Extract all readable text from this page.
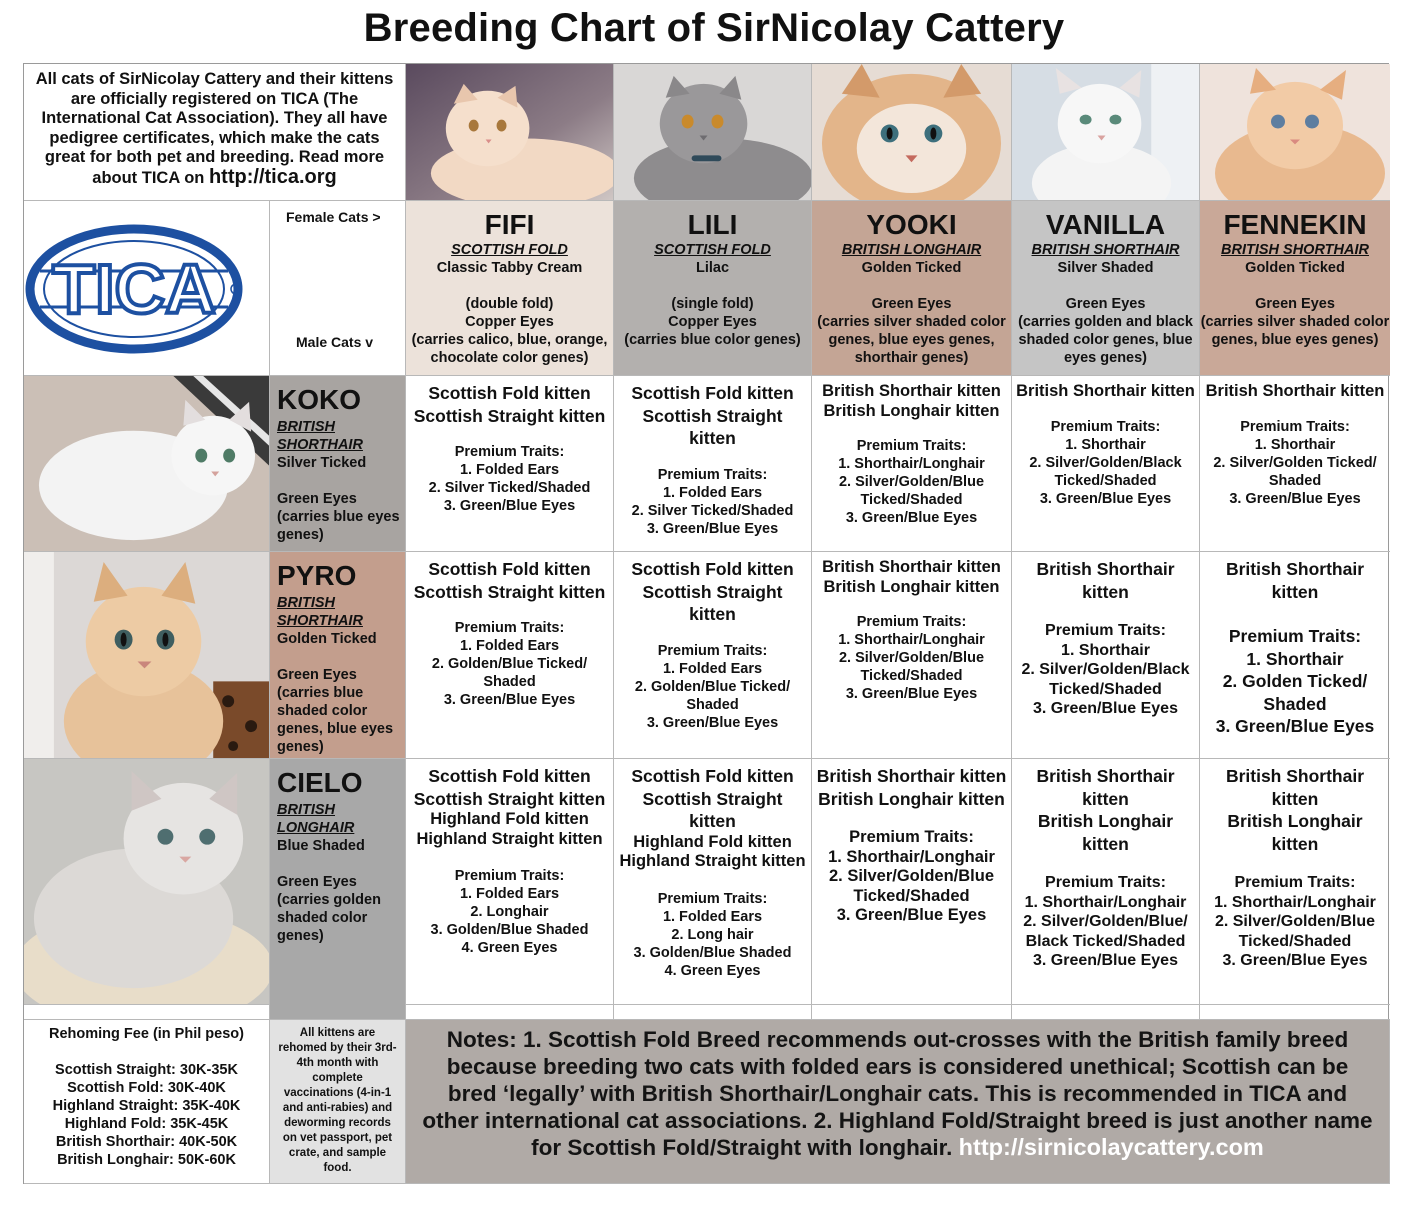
Breeding Chart of SirNicolay Cattery
All cats of SirNicolay Cattery and their kittens are officially registered on TICA (The International Cat Association). They all have pedigree certificates, which make the cats great for both pet and breeding. Read more about TICA on http://tica.org
TICA
Female Cats >
Male Cats v
FIFI
SCOTTISH FOLD
Classic Tabby Cream
(double fold)
Copper Eyes
(carries calico, blue, orange, chocolate color genes)
LILI
SCOTTISH FOLD
Lilac
(single fold)
Copper Eyes
(carries blue color genes)
YOOKI
BRITISH LONGHAIR
Golden Ticked
Green Eyes
(carries silver shaded color genes, blue eyes genes, shorthair genes)
VANILLA
BRITISH SHORTHAIR
Silver Shaded
Green Eyes
(carries golden and black shaded color genes, blue eyes genes)
FENNEKIN
BRITISH SHORTHAIR
Golden Ticked
Green Eyes
(carries silver shaded color genes, blue eyes genes)
KOKO
BRITISH SHORTHAIR
Silver Ticked
Green Eyes
(carries blue eyes genes)
PYRO
BRITISH SHORTHAIR
Golden Ticked
Green Eyes
(carries blue shaded color genes, blue eyes genes)
CIELO
BRITISH LONGHAIR
Blue Shaded
Green Eyes
(carries golden shaded color genes)
Scottish Fold kitten
Scottish Straight kitten
Premium Traits:
1. Folded Ears
2. Silver Ticked/Shaded
3. Green/Blue Eyes
Scottish Fold kitten
Scottish Straight kitten
Premium Traits:
1. Folded Ears
2. Silver Ticked/Shaded
3. Green/Blue Eyes
British Shorthair kitten
British Longhair kitten
Premium Traits:
1. Shorthair/Longhair
2. Silver/Golden/Blue Ticked/Shaded
3. Green/Blue Eyes
British Shorthair kitten
Premium Traits:
1. Shorthair
2. Silver/Golden/Black Ticked/Shaded
3. Green/Blue Eyes
British Shorthair kitten
Premium Traits:
1. Shorthair
2. Silver/Golden Ticked/ Shaded
3. Green/Blue Eyes
Scottish Fold kitten
Scottish Straight kitten
Premium Traits:
1. Folded Ears
2. Golden/Blue Ticked/ Shaded
3. Green/Blue Eyes
Scottish Fold kitten
Scottish Straight kitten
Premium Traits:
1. Folded Ears
2. Golden/Blue Ticked/ Shaded
3. Green/Blue Eyes
British Shorthair kitten
British Longhair kitten
Premium Traits:
1. Shorthair/Longhair
2. Silver/Golden/Blue Ticked/Shaded
3. Green/Blue Eyes
British Shorthair kitten
Premium Traits:
1. Shorthair
2. Silver/Golden/Black Ticked/Shaded
3. Green/Blue Eyes
British Shorthair kitten
Premium Traits:
1. Shorthair
2. Golden Ticked/ Shaded
3. Green/Blue Eyes
Scottish Fold kitten
Scottish Straight kitten
Highland Fold kitten
Highland Straight kitten
Premium Traits:
1. Folded Ears
2. Longhair
3. Golden/Blue Shaded
4. Green Eyes
Scottish Fold kitten
Scottish Straight kitten
Highland Fold kitten
Highland Straight kitten
Premium Traits:
1. Folded Ears
2. Long hair
3. Golden/Blue Shaded
4. Green Eyes
British Shorthair kitten
British Longhair kitten
Premium Traits:
1. Shorthair/Longhair
2. Silver/Golden/Blue Ticked/Shaded
3. Green/Blue Eyes
British Shorthair kitten
British Longhair kitten
Premium Traits:
1. Shorthair/Longhair
2. Silver/Golden/Blue/ Black Ticked/Shaded
3. Green/Blue Eyes
British Shorthair kitten
British Longhair kitten
Premium Traits:
1. Shorthair/Longhair
2. Silver/Golden/Blue Ticked/Shaded
3. Green/Blue Eyes
Rehoming Fee (in Phil peso)
Scottish Straight: 30K-35K
Scottish Fold: 30K-40K
Highland Straight: 35K-40K
Highland Fold: 35K-45K
British Shorthair: 40K-50K
British Longhair: 50K-60K
All kittens are rehomed by their 3rd-4th month with complete vaccinations (4-in-1 and anti-rabies) and deworming records on vet passport, pet crate, and sample food.
Notes: 1. Scottish Fold Breed recommends out-crosses with the British family breed because breeding two cats with folded ears is considered unethical; Scottish can be bred ‘legally’ with British Shorthair/Longhair cats. This is recommended in TICA and other international cat associations. 2. Highland Fold/Straight breed is just another name for Scottish Fold/Straight with longhair. http://sirnicolaycattery.com
